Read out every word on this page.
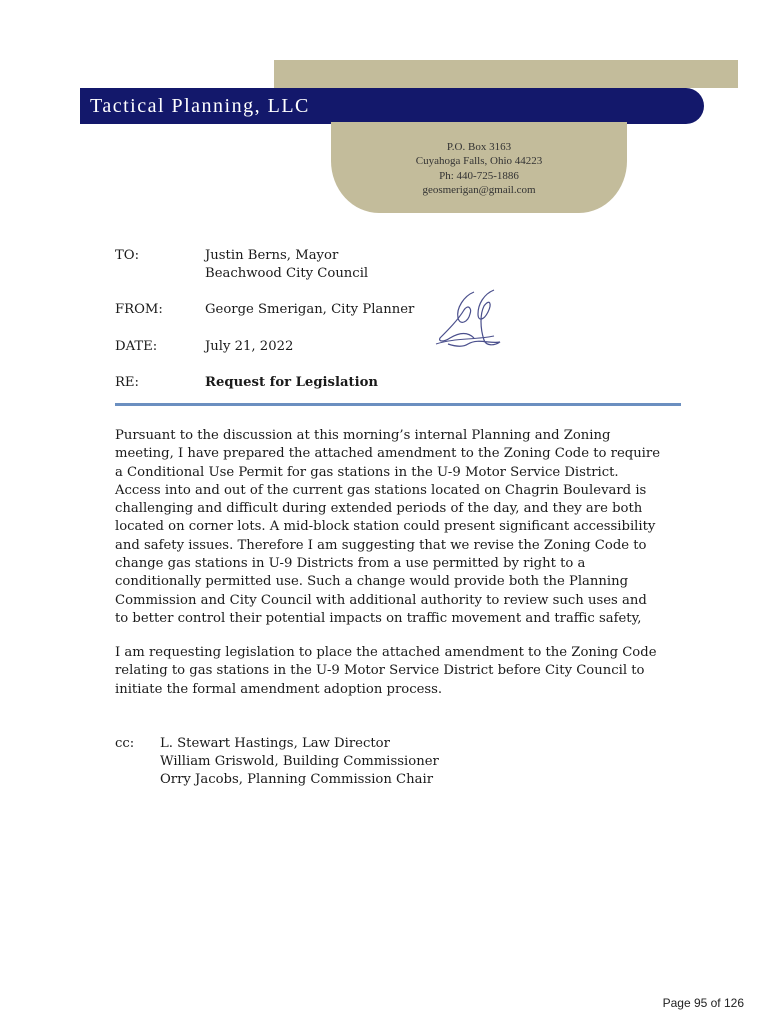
Tactical Planning, LLC
P.O. Box 3163
Cuyahoga Falls, Ohio 44223
Ph: 440-725-1886
geosmerigan@gmail.com
TO:	Justin Berns, Mayor
Beachwood City Council
FROM:	George Smerigan, City Planner
DATE:	July 21, 2022
RE:	Request for Legislation

Pursuant to the discussion at this morning’s internal Planning and Zoning meeting, I have prepared the attached amendment to the Zoning Code to require a Conditional Use Permit for gas stations in the U-9 Motor Service District. Access into and out of the current gas stations located on Chagrin Boulevard is challenging and difficult during extended periods of the day, and they are both located on corner lots. A mid-block station could present significant accessibility and safety issues. Therefore I am suggesting that we revise the Zoning Code to change gas stations in U-9 Districts from a use permitted by right to a conditionally permitted use. Such a change would provide both the Planning Commission and City Council with additional authority to review such uses and to better control their potential impacts on traffic movement and traffic safety,

I am requesting legislation to place the attached amendment to the Zoning Code relating to gas stations in the U-9 Motor Service District before City Council to initiate the formal amendment adoption process.

cc: L. Stewart Hastings, Law Director
William Griswold, Building Commissioner
Orry Jacobs, Planning Commission Chair
Page 95 of 126
